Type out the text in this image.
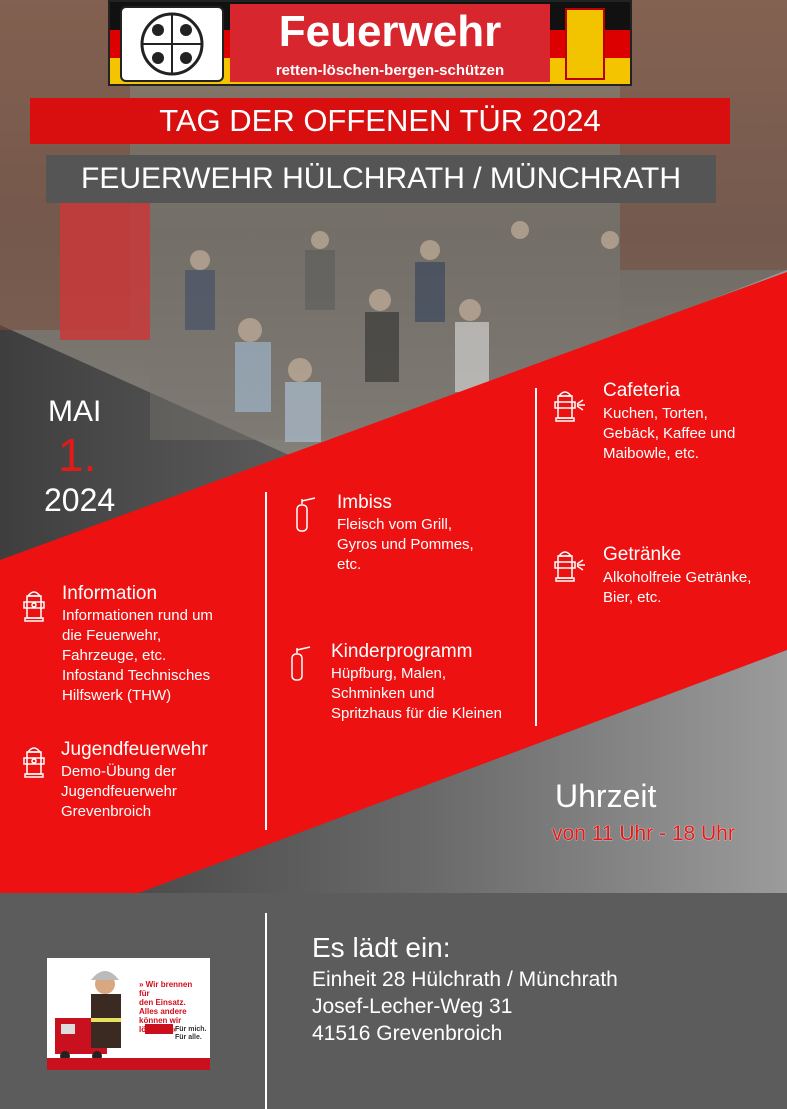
Feuerwehr
retten-löschen-bergen-schützen
TAG DER OFFENEN TÜR 2024
FEUERWEHR HÜLCHRATH / MÜNCHRATH
MAI
1.
2024
Information
Informationen rund um
die Feuerwehr,
Fahrzeuge, etc.
Infostand Technisches
Hilfswerk (THW)
Jugendfeuerwehr
Demo-Übung der
Jugendfeuerwehr
Grevenbroich
Imbiss
Fleisch vom Grill,
Gyros und Pommes,
etc.
Kinderprogramm
Hüpfburg, Malen,
Schminken und
Spritzhaus für die Kleinen
Cafeteria
Kuchen, Torten,
Gebäck, Kaffee und
Maibowle, etc.
Getränke
Alkoholfreie Getränke,
Bier, etc.
Uhrzeit
von 11 Uhr - 18 Uhr
Es lädt ein:
Einheit 28 Hülchrath / Münchrath
Josef-Lecher-Weg 31
41516 Grevenbroich
» Wir brennen für
den Einsatz. Alles andere
können wir löschen « Für mich.
Für alle.
